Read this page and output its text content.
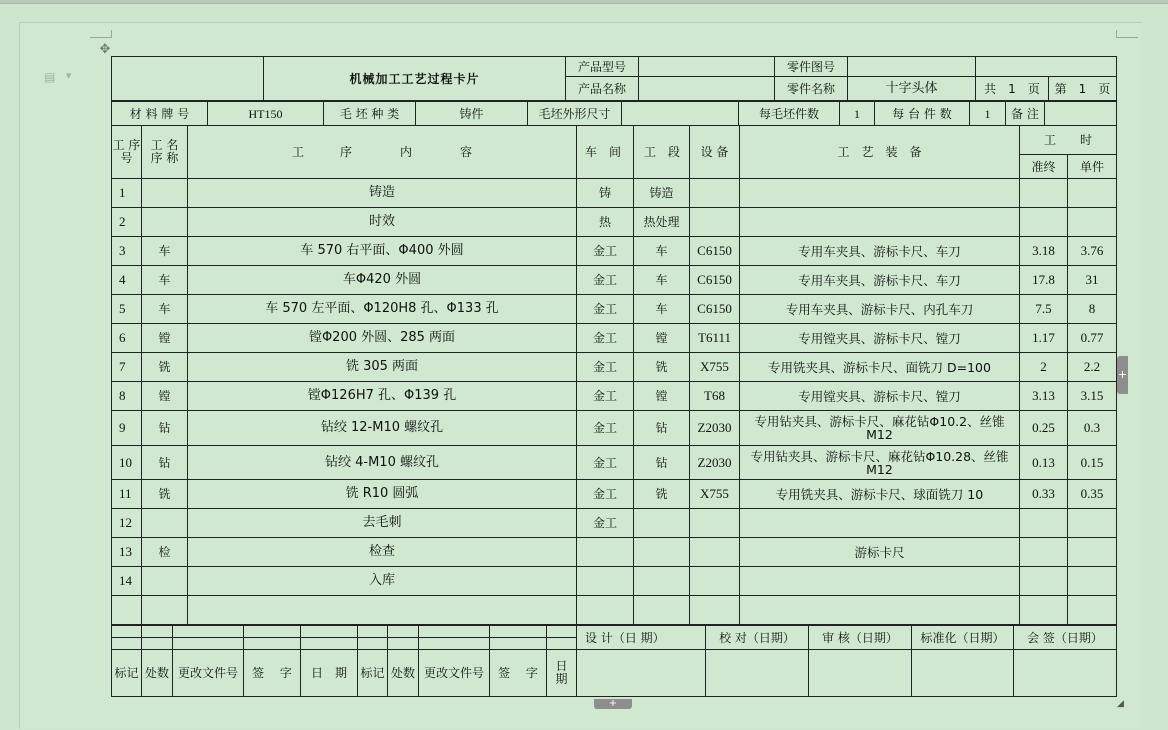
✥
▤ ▼
		机械加工工艺过程卡片	产品型号		零件图号			
		产品名称		零件名称	十字头体	共　 1　 页	第　 1　 页
材 料 牌 号	HT150	毛 坯 种 类	铸件	毛坯外形尺寸		每毛坯件数	1	每 台 件 数	1	备 注	
工 序 号	工 名 序 称	工　　　序　　　　内　　　　容	车　间	工　段	设 备	工　艺　装　备	工　　时	
							准终	单件
1		铸造	铸	铸造				
2		时效	热	热处理				
3	车	车 570 右平面、Φ400 外圆	金工	车	C6150	专用车夹具、游标卡尺、车刀	3.18	3.76
4	车	车Φ420 外圆	金工	车	C6150	专用车夹具、游标卡尺、车刀	17.8	31
5	车	车 570 左平面、Φ120H8 孔、Φ133 孔	金工	车	C6150	专用车夹具、游标卡尺、内孔车刀	7.5	8
6	镗	镗Φ200 外圆、285 两面	金工	镗	T6111	专用镗夹具、游标卡尺、镗刀	1.17	0.77
7	铣	铣 305 两面	金工	铣	X755	专用铣夹具、游标卡尺、面铣刀 D=100	2	2.2
8	镗	镗Φ126H7 孔、Φ139 孔	金工	镗	T68	专用镗夹具、游标卡尺、镗刀	3.13	3.15
9	钻	钻绞 12-M10 螺纹孔	金工	钻	Z2030	专用钻夹具、游标卡尺、麻花钻Φ10.2、丝锥 M12	0.25	0.3
10	钻	钻绞 4-M10 螺纹孔	金工	钻	Z2030	专用钻夹具、游标卡尺、麻花钻Φ10.28、丝锥 M12	0.13	0.15
11	铣	铣 R10 圆弧	金工	铣	X755	专用铣夹具、游标卡尺、球面铣刀 10	0.33	0.35
12		去毛刺	金工					
13	检	检查				游标卡尺		
14		入库						

										设 计（日 期）	校 对（日期）	审 核（日期）	标准化（日期）	会 签（日期）

标记	处数	更改文件号	签　 字	日　期	标记	处数	更改文件号	签　 字	日 期					
+
+	◢
